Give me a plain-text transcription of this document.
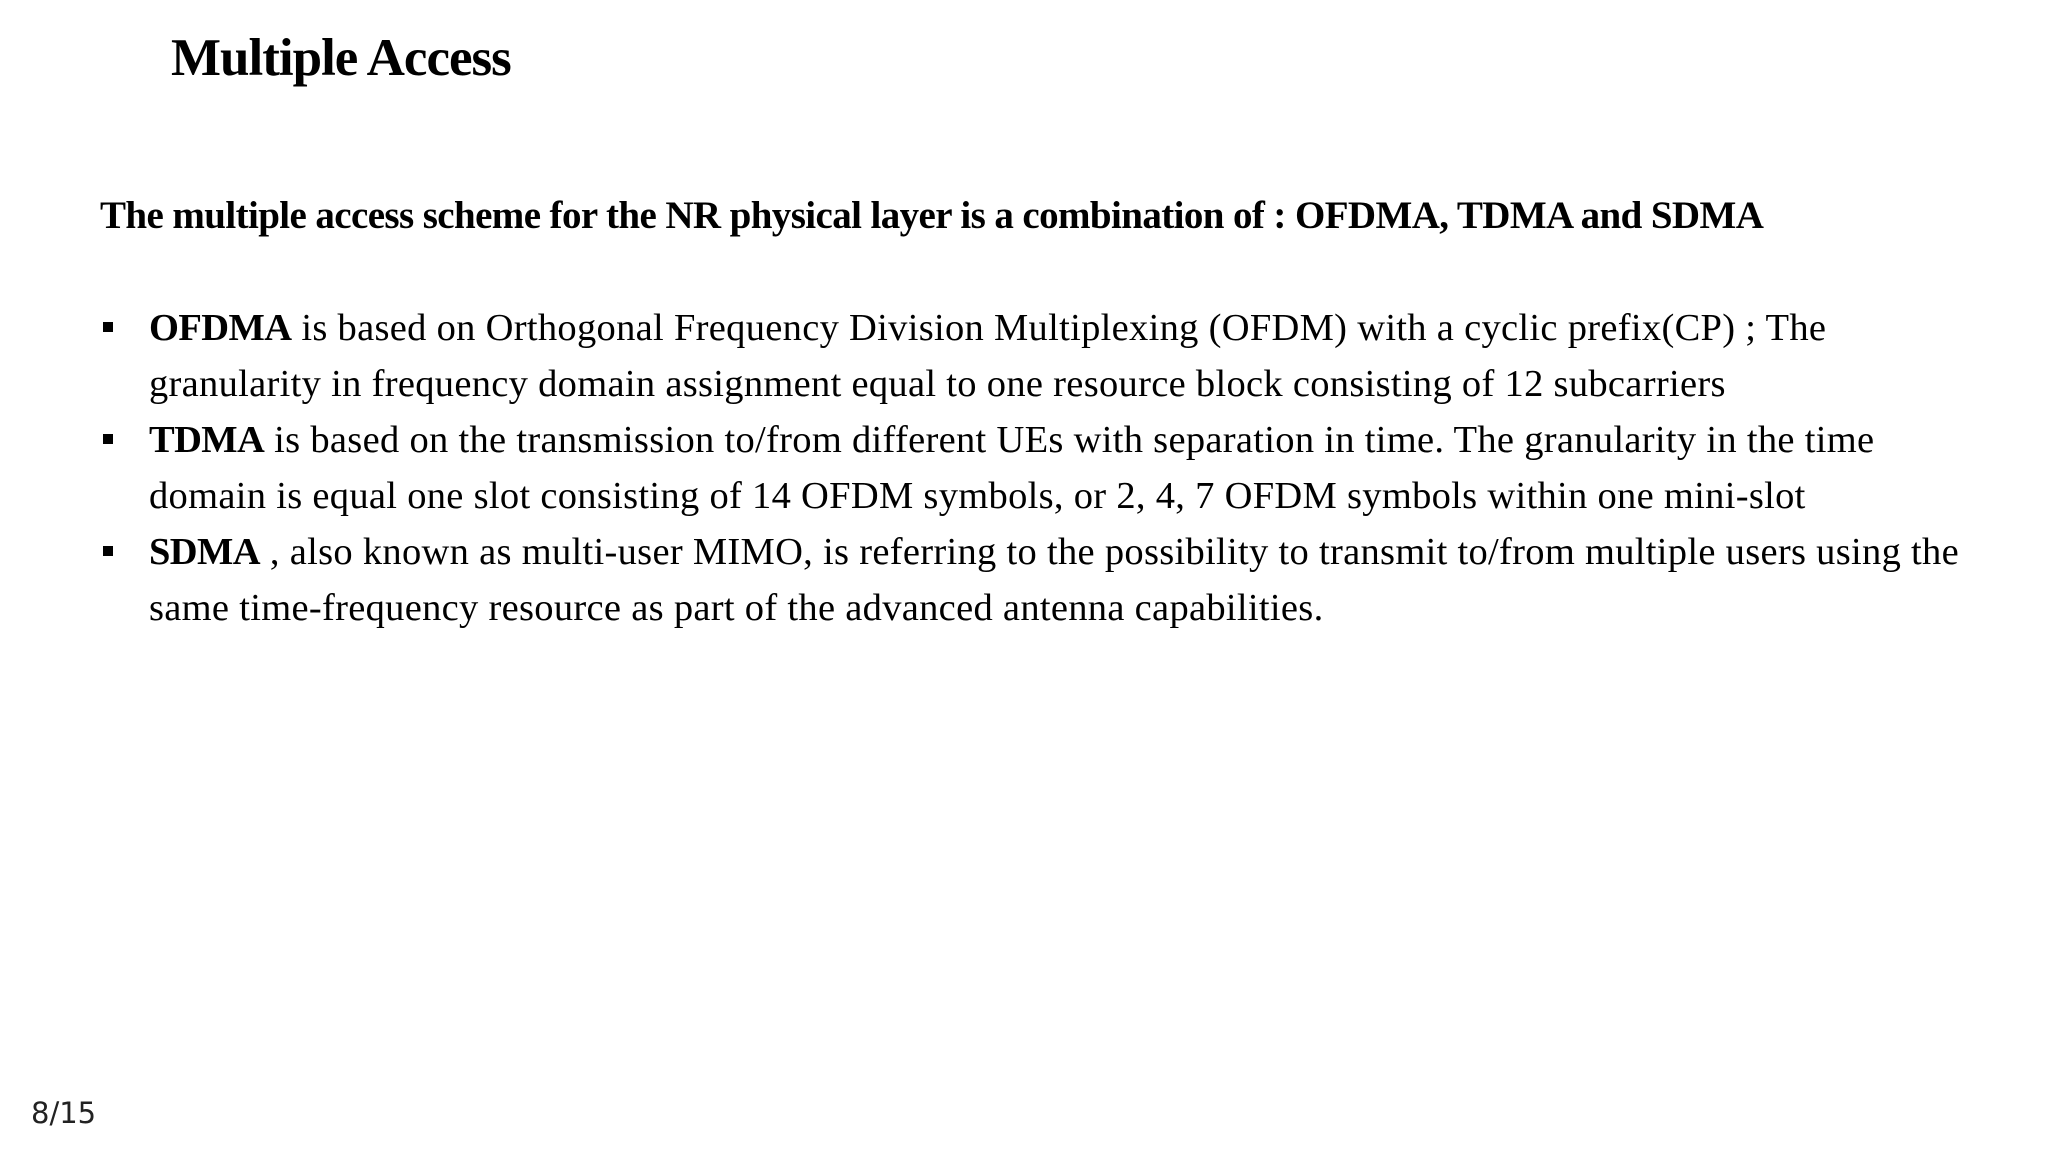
Multiple Access

The multiple access scheme for the NR physical layer is a combination of : OFDMA, TDMA and SDMA

OFDMA is based on Orthogonal Frequency Division Multiplexing (OFDM) with a cyclic prefix(CP) ; The granularity in frequency domain assignment equal to one resource block consisting of 12 subcarriers
TDMA is based on the transmission to/from different UEs with separation in time. The granularity in the time domain is equal one slot consisting of 14 OFDM symbols, or 2, 4, 7 OFDM symbols within one mini-slot
SDMA , also known as multi-user MIMO, is referring to the possibility to transmit to/from multiple users using the same time-frequency resource as part of the advanced antenna capabilities.
8/15
